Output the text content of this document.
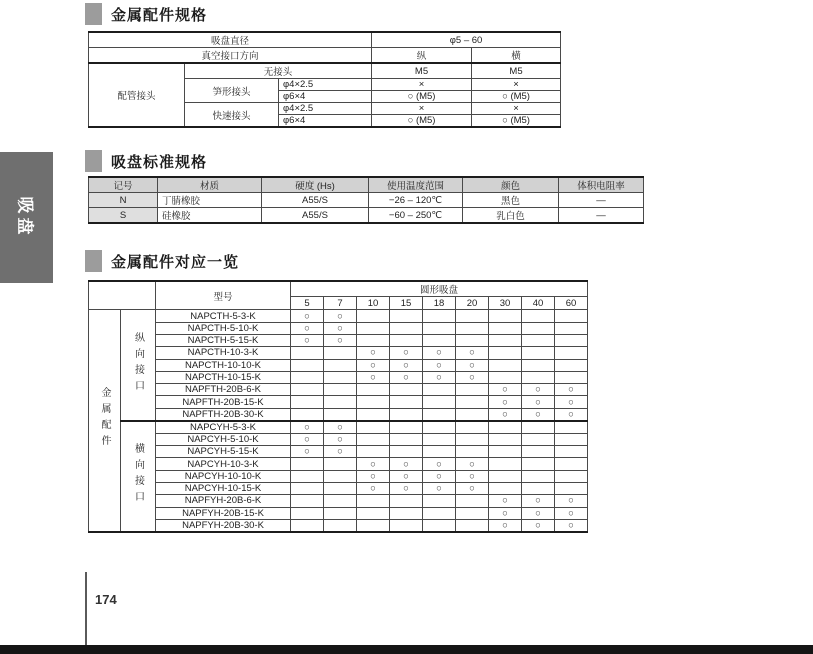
吸盘
金属配件规格
吸盘直径			φ5 – 60	
真空接口方向			纵	横
配管接头	无接头		M5	M5
	笋形接头	φ4×2.5	×	×
		φ6×4	○ (M5)	○ (M5)
	快速接头	φ4×2.5	×	×
		φ6×4	○ (M5)	○ (M5)
吸盘标准规格
记号	材质	硬度 (Hs)	使用温度范围	颜色	体积电阻率
N	丁腈橡胶	A55/S	−26 – 120℃	黑色	—
S	硅橡胶	A55/S	−60 – 250℃	乳白色	—
金属配件对应一览
		型号	圆形吸盘								
			5	7	10	15	18	20	30	40	60
金属配件	纵向接口	NAPCTH-5-3-K	○	○							
		NAPCTH-5-10-K	○	○							
		NAPCTH-5-15-K	○	○							
		NAPCTH-10-3-K			○	○	○	○			
		NAPCTH-10-10-K			○	○	○	○			
		NAPCTH-10-15-K			○	○	○	○			
		NAPFTH-20B-6-K							○	○	○
		NAPFTH-20B-15-K							○	○	○
		NAPFTH-20B-30-K							○	○	○
	横向接口	NAPCYH-5-3-K	○	○							
		NAPCYH-5-10-K	○	○							
		NAPCYH-5-15-K	○	○							
		NAPCYH-10-3-K			○	○	○	○			
		NAPCYH-10-10-K			○	○	○	○			
		NAPCYH-10-15-K			○	○	○	○			
		NAPFYH-20B-6-K							○	○	○
		NAPFYH-20B-15-K							○	○	○
		NAPFYH-20B-30-K							○	○	○
174
